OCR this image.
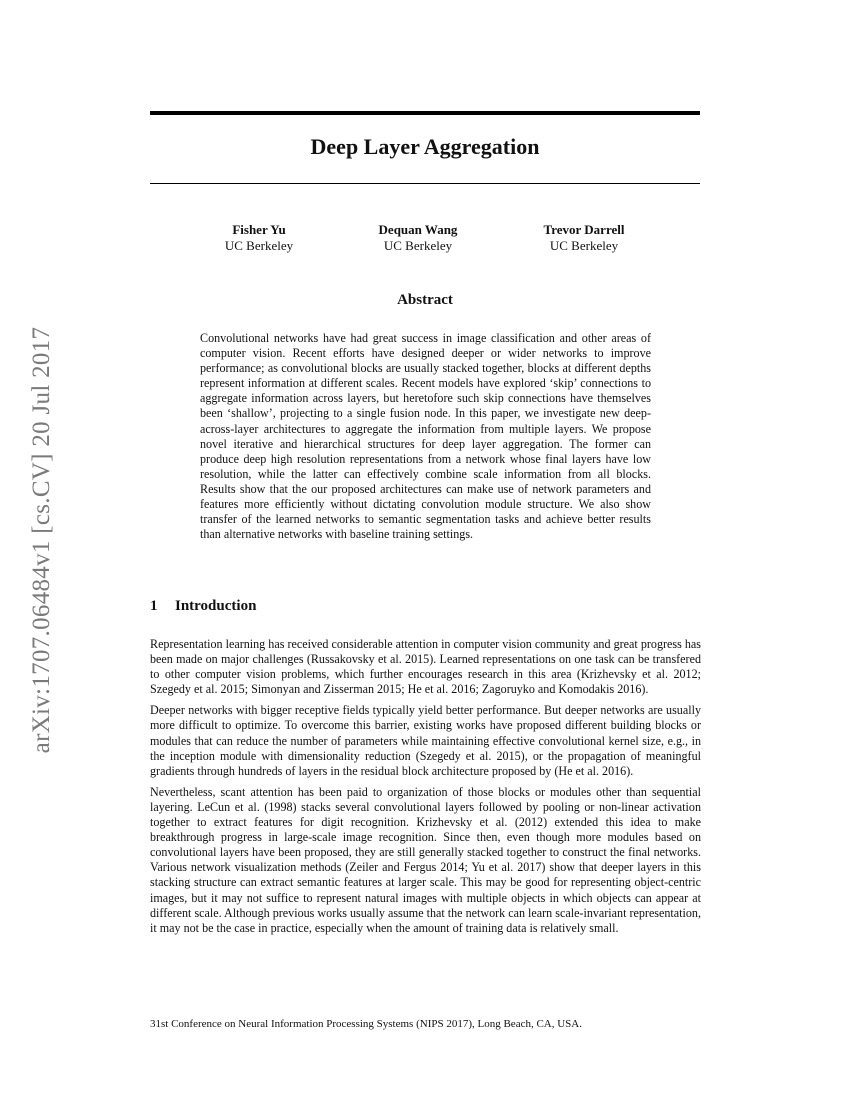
arXiv:1707.06484v1 [cs.CV] 20 Jul 2017
Deep Layer Aggregation
Fisher Yu
UC Berkeley
Dequan Wang
UC Berkeley
Trevor Darrell
UC Berkeley
Abstract
Convolutional networks have had great success in image classification and other areas of computer vision. Recent efforts have designed deeper or wider networks to improve performance; as convolutional blocks are usually stacked together, blocks at different depths represent information at different scales. Recent models have explored ‘skip’ connections to aggregate information across layers, but heretofore such skip connections have themselves been ‘shallow’, projecting to a single fusion node. In this paper, we investigate new deep-across-layer architectures to aggregate the information from multiple layers. We propose novel iterative and hierarchical structures for deep layer aggregation. The former can produce deep high resolution representations from a network whose final layers have low resolution, while the latter can effectively combine scale information from all blocks. Results show that the our proposed architectures can make use of network parameters and features more efficiently without dictating convolution module structure. We also show transfer of the learned networks to semantic segmentation tasks and achieve better results than alternative networks with baseline training settings.
1 Introduction

Representation learning has received considerable attention in computer vision community and great progress has been made on major challenges (Russakovsky et al. 2015). Learned representations on one task can be transfered to other computer vision problems, which further encourages research in this area (Krizhevsky et al. 2012; Szegedy et al. 2015; Simonyan and Zisserman 2015; He et al. 2016; Zagoruyko and Komodakis 2016).

Deeper networks with bigger receptive fields typically yield better performance. But deeper networks are usually more difficult to optimize. To overcome this barrier, existing works have proposed different building blocks or modules that can reduce the number of parameters while maintaining effective convolutional kernel size, e.g., in the inception module with dimensionality reduction (Szegedy et al. 2015), or the propagation of meaningful gradients through hundreds of layers in the residual block architecture proposed by (He et al. 2016).

Nevertheless, scant attention has been paid to organization of those blocks or modules other than sequential layering. LeCun et al. (1998) stacks several convolutional layers followed by pooling or non-linear activation together to extract features for digit recognition. Krizhevsky et al. (2012) extended this idea to make breakthrough progress in large-scale image recognition. Since then, even though more modules based on convolutional layers have been proposed, they are still generally stacked together to construct the final networks. Various network visualization methods (Zeiler and Fergus 2014; Yu et al. 2017) show that deeper layers in this stacking structure can extract semantic features at larger scale. This may be good for representing object-centric images, but it may not suffice to represent natural images with multiple objects in which objects can appear at different scale. Although previous works usually assume that the network can learn scale-invariant representation, it may not be the case in practice, especially when the amount of training data is relatively small.

31st Conference on Neural Information Processing Systems (NIPS 2017), Long Beach, CA, USA.
